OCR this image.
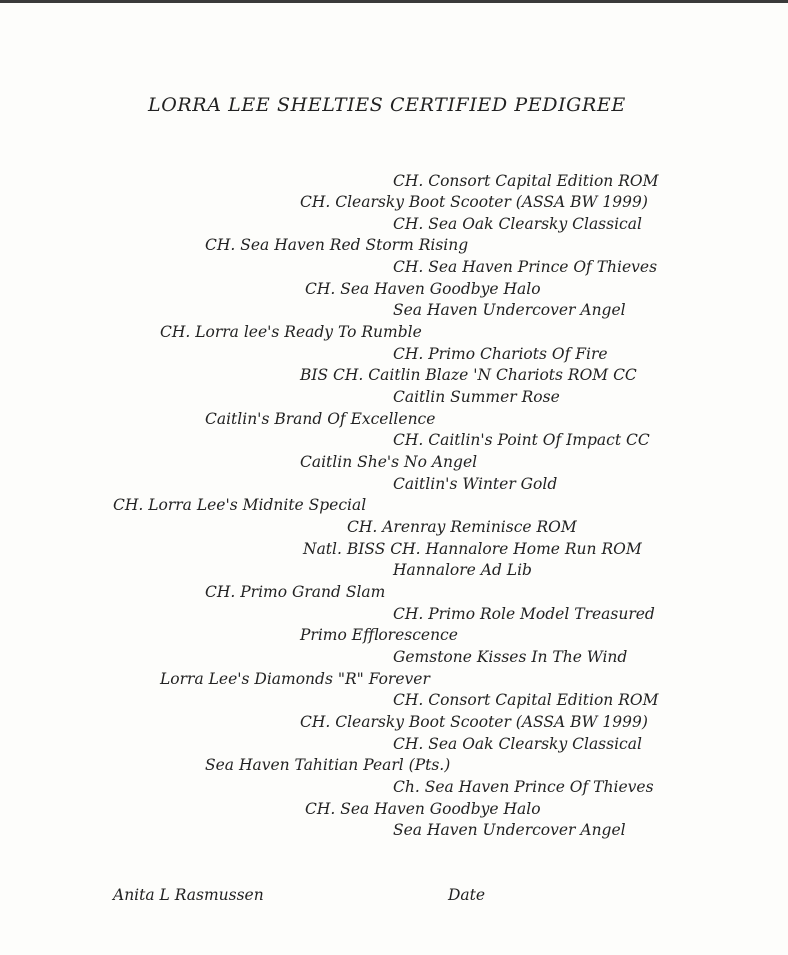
LORRA LEE SHELTIES CERTIFIED PEDIGREE
CH. Consort Capital Edition ROM
CH. Clearsky Boot Scooter (ASSA BW 1999)
CH. Sea Oak Clearsky Classical
CH. Sea Haven Red Storm Rising
CH. Sea Haven Prince Of Thieves
CH. Sea Haven Goodbye Halo
Sea Haven Undercover Angel
CH. Lorra lee's Ready To Rumble
CH. Primo Chariots Of Fire
BIS CH. Caitlin Blaze 'N Chariots ROM CC
Caitlin Summer Rose
Caitlin's Brand Of Excellence
CH. Caitlin's Point Of Impact CC
Caitlin She's No Angel
Caitlin's Winter Gold
CH. Lorra Lee's Midnite Special
CH. Arenray Reminisce ROM
Natl. BISS CH. Hannalore Home Run ROM
Hannalore Ad Lib
CH. Primo Grand Slam
CH. Primo Role Model Treasured
Primo Efflorescence
Gemstone Kisses In The Wind
Lorra Lee's Diamonds "R" Forever
CH. Consort Capital Edition ROM
CH. Clearsky Boot Scooter (ASSA BW 1999)
CH. Sea Oak Clearsky Classical
Sea Haven Tahitian Pearl (Pts.)
Ch. Sea Haven Prince Of Thieves
CH. Sea Haven Goodbye Halo
Sea Haven Undercover Angel
Anita L Rasmussen	Date
